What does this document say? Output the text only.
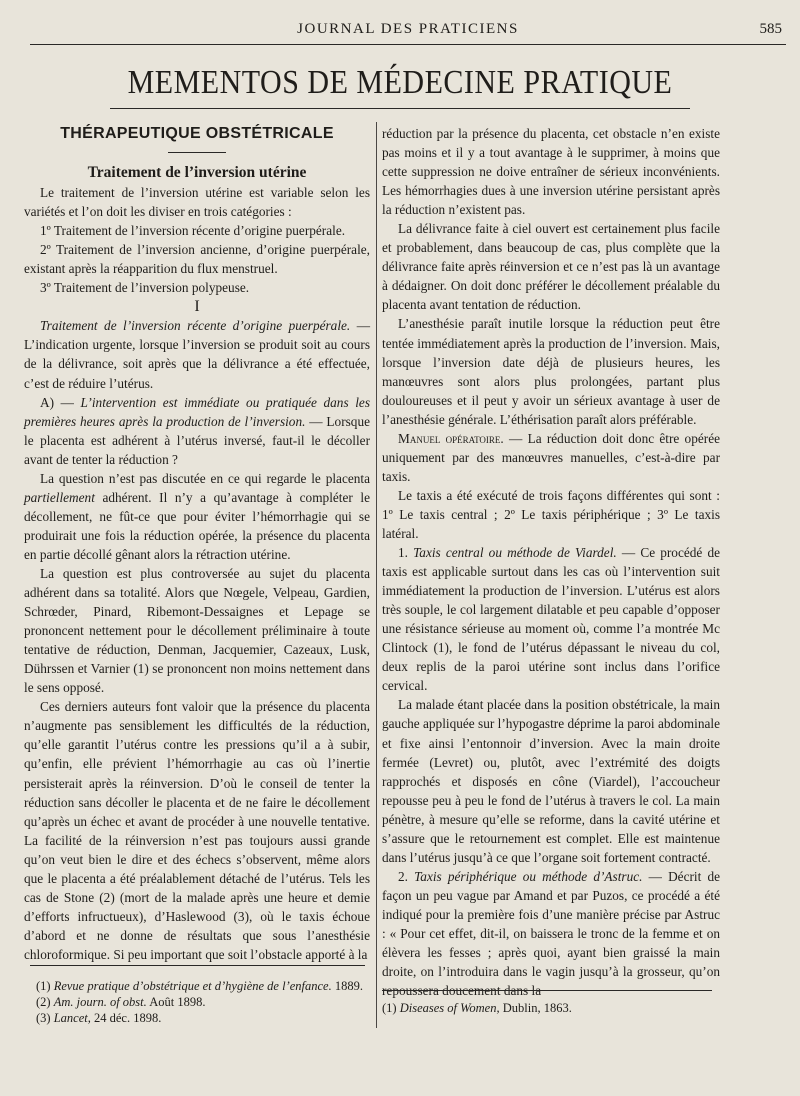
JOURNAL DES PRATICIENS	585
MEMENTOS DE MÉDECINE PRATIQUE
THÉRAPEUTIQUE OBSTÉTRICALE
Traitement de l’inversion utérine

Le traitement de l’inversion utérine est variable selon les variétés et l’on doit les diviser en trois catégories :

1º Traitement de l’inversion récente d’origine puerpérale.

2º Traitement de l’inversion ancienne, d’origine puerpérale, existant après la réapparition du flux menstruel.

3º Traitement de l’inversion polypeuse.

I

Traitement de l’inversion récente d’origine puerpérale. — L’indication urgente, lorsque l’inversion se produit soit au cours de la délivrance, soit après que la délivrance a été effectuée, c’est de réduire l’utérus.

A) — L’intervention est immédiate ou pratiquée dans les premières heures après la production de l’inversion. — Lorsque le placenta est adhérent à l’utérus inversé, faut-il le décoller avant de tenter la réduction ?

La question n’est pas discutée en ce qui regarde le placenta partiellement adhérent. Il n’y a qu’avantage à compléter le décollement, ne fût-ce que pour éviter l’hémorrhagie qui se produirait une fois la réduction opérée, la présence du placenta en partie décollé gênant alors la rétraction utérine.

La question est plus controversée au sujet du placenta adhérent dans sa totalité. Alors que Nœgele, Velpeau, Gardien, Schrœder, Pinard, Ribemont-Dessaignes et Lepage se prononcent nettement pour le décollement préliminaire à toute tentative de réduction, Denman, Jacquemier, Cazeaux, Lusk, Dührssen et Varnier (1) se prononcent non moins nettement dans le sens opposé.

Ces derniers auteurs font valoir que la présence du placenta n’augmente pas sensiblement les difficultés de la réduction, qu’elle garantit l’utérus contre les pressions qu’il a à subir, qu’enfin, elle prévient l’hémorrhagie au cas où l’inertie persisterait après la réinversion. D’où le conseil de tenter la réduction sans décoller le placenta et de ne faire le décollement qu’après un échec et avant de procéder à une nouvelle tentative. La facilité de la réinversion n’est pas toujours aussi grande qu’on veut bien le dire et des échecs s’observent, même alors que le placenta a été préalablement détaché de l’utérus. Tels les cas de Stone (2) (mort de la malade après une heure et demie d’efforts infructueux), d’Haslewood (3), où le taxis échoue d’abord et ne donne de résultats que sous l’anesthésie chloroformique. Si peu important que soit l’obstacle apporté à la

réduction par la présence du placenta, cet obstacle n’en existe pas moins et il y a tout avantage à le supprimer, à moins que cette suppression ne doive entraîner de sérieux inconvénients. Les hémorrhagies dues à une inversion utérine persistant après la réduction n’existent pas.

La délivrance faite à ciel ouvert est certainement plus facile et probablement, dans beaucoup de cas, plus complète que la délivrance faite après réinversion et ce n’est pas là un avantage à dédaigner. On doit donc préférer le décollement préalable du placenta avant tentation de réduction.

L’anesthésie paraît inutile lorsque la réduction peut être tentée immédiatement après la production de l’inversion. Mais, lorsque l’inversion date déjà de plusieurs heures, les manœuvres sont alors plus prolongées, partant plus douloureuses et il peut y avoir un sérieux avantage à user de l’anesthésie générale. L’éthérisation paraît alors préférable.

Manuel opératoire. — La réduction doit donc être opérée uniquement par des manœuvres manuelles, c’est-à-dire par taxis.

Le taxis a été exécuté de trois façons différentes qui sont : 1º Le taxis central ; 2º Le taxis périphérique ; 3º Le taxis latéral.

1. Taxis central ou méthode de Viardel. — Ce procédé de taxis est applicable surtout dans les cas où l’intervention suit immédiatement la production de l’inversion. L’utérus est alors très souple, le col largement dilatable et peu capable d’opposer une résistance sérieuse au moment où, comme l’a montrée Mc Clintock (1), le fond de l’utérus dépassant le niveau du col, deux replis de la paroi utérine sont inclus dans l’orifice cervical.

La malade étant placée dans la position obstétricale, la main gauche appliquée sur l’hypogastre déprime la paroi abdominale et fixe ainsi l’entonnoir d’inversion. Avec la main droite fermée (Levret) ou, plutôt, avec l’extrémité des doigts rapprochés et disposés en cône (Viardel), l’accoucheur repousse peu à peu le fond de l’utérus à travers le col. La main pénètre, à mesure qu’elle se reforme, dans la cavité utérine et s’assure que le retournement est complet. Elle est maintenue dans l’utérus jusqu’à ce que l’organe soit fortement contracté.

2. Taxis périphérique ou méthode d’Astruc. — Décrit de façon un peu vague par Amand et par Puzos, ce procédé a été indiqué pour la première fois d’une manière précise par Astruc : « Pour cet effet, dit-il, on baissera le tronc de la femme et on élèvera les fesses ; après quoi, ayant bien graissé la main droite, on l’introduira dans le vagin jusqu’à la grosseur, qu’on repoussera doucement dans la

(1) Revue pratique d’obstétrique et d’hygiène de l’enfance. 1889.
(2) Am. journ. of obst. Août 1898.
(3) Lancet, 24 déc. 1898.
(1) Diseases of Women, Dublin, 1863.
